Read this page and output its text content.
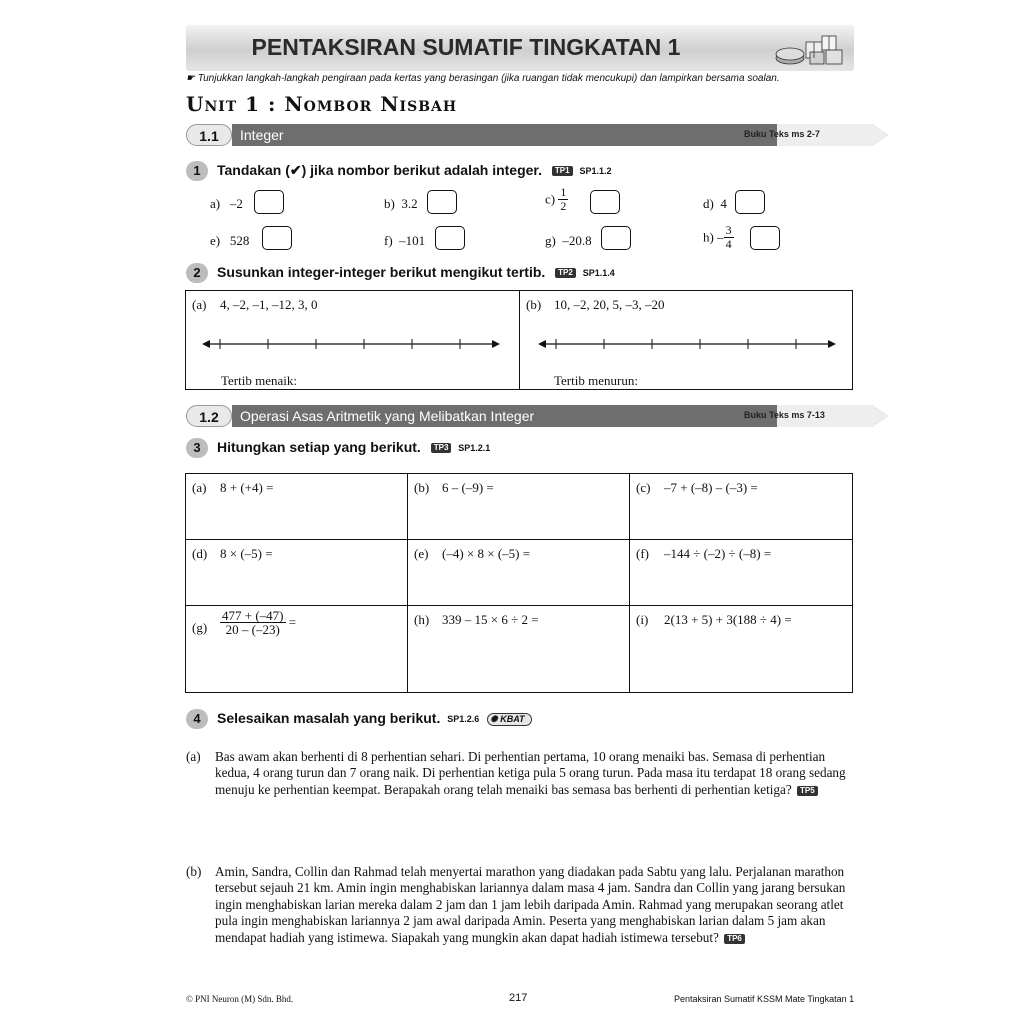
PENTAKSIRAN SUMATIF TINGKATAN 1
☛ Tunjukkan langkah-langkah pengiraan pada kertas yang berasingan (jika ruangan tidak mencukupi) dan lampirkan bersama soalan.
Unit 1 : Nombor Nisbah
1.1	Integer	Buku Teks ms 2-7
1	Tandakan (✔) jika nombor berikut adalah integer. TP1 SP1.1.2
a) –2	b) 3.2	$c) \frac{1}{2}$	d) 4
e) 528	f) –101	g) –20.8	$h) - \frac{3}{4}$
2	Susunkan integer-integer berikut mengikut tertib. TP2 SP1.1.4
(a) 4, –2, –1, –12, 3, 0
Tertib menaik:
(b) 10, –2, 20, 5, –3, –20
Tertib menurun:
1.2	Operasi Asas Aritmetik yang Melibatkan Integer	Buku Teks ms 7-13
3	Hitungkan setiap yang berikut. TP3 SP1.2.1
(a) 8 + (+4) =	(b) 6 – (–9) =	(c) –7 + (–8) – (–3) =
(d) 8 × (–5) =	(e) (–4) × 8 × (–5) =	(f) –144 ÷ (–2) ÷ (–8) =
$(g) \frac{477 + (-47)}{20 - (-23)}$ =	(h) 339 – 15 × 6 ÷ 2 =	(i) 2(13 + 5) + 3(188 ÷ 4) =
4	Selesaikan masalah yang berikut. SP1.2.6 ✺ KBAT
(a) Bas awam akan berhenti di 8 perhentian sehari. Di perhentian pertama, 10 orang menaiki bas. Semasa di perhentian kedua, 4 orang turun dan 7 orang naik. Di perhentian ketiga pula 5 orang turun. Pada masa itu terdapat 18 orang sedang menuju ke perhentian keempat. Berapakah orang telah menaiki bas semasa bas berhenti di perhentian ketiga? TP5
(b) Amin, Sandra, Collin dan Rahmad telah menyertai marathon yang diadakan pada Sabtu yang lalu. Perjalanan marathon tersebut sejauh 21 km. Amin ingin menghabiskan lariannya dalam masa 4 jam. Sandra dan Collin yang jarang bersukan ingin menghabiskan larian mereka dalam 2 jam dan 1 jam lebih daripada Amin. Rahmad yang merupakan seorang atlet pula ingin menghabiskan lariannya 2 jam awal daripada Amin. Peserta yang menghabiskan larian dalam 5 jam akan mendapat hadiah yang istimewa. Siapakah yang mungkin akan dapat hadiah istimewa tersebut? TP6
© PNI Neuron (M) Sdn. Bhd.	217	Pentaksiran Sumatif KSSM Mate Tingkatan 1
